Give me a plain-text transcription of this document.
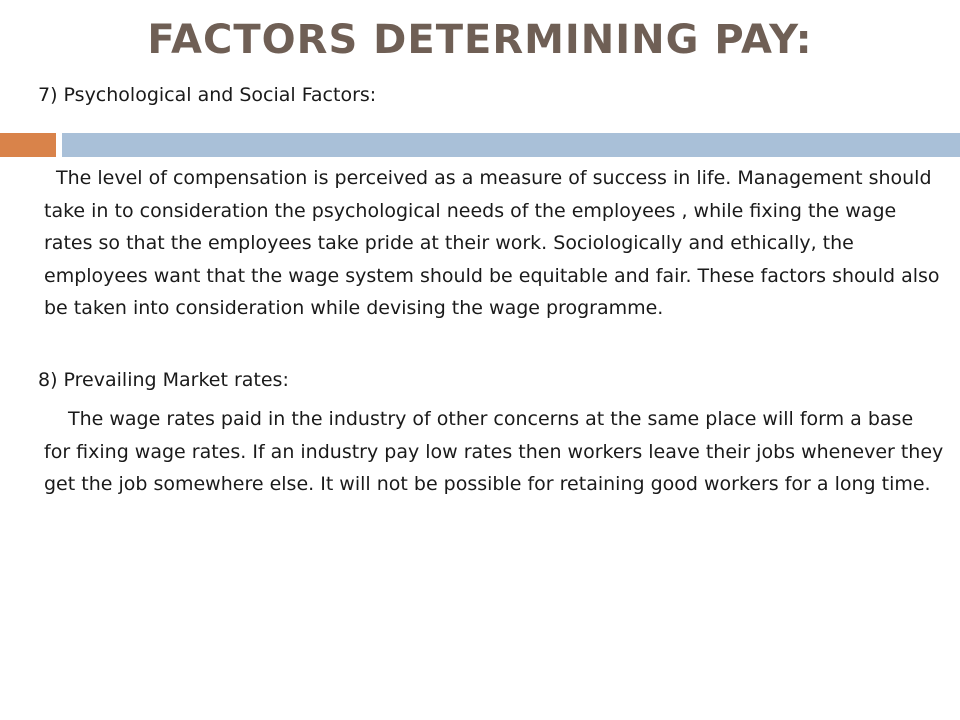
FACTORS DETERMINING PAY:

7) Psychological and Social Factors:

The level of compensation is perceived as a measure of success in life. Management should take in to consideration the psychological needs of the employees , while fixing the wage rates so that the employees take pride at their work. Sociologically and ethically, the employees want that the wage system should be equitable and fair. These factors should also be taken into consideration while devising the wage programme.

8) Prevailing Market rates:

The wage rates paid in the industry of other concerns at the same place will form a base for fixing wage rates. If an industry pay low rates then workers leave their jobs whenever they get the job somewhere else. It will not be possible for retaining good workers for a long time.
